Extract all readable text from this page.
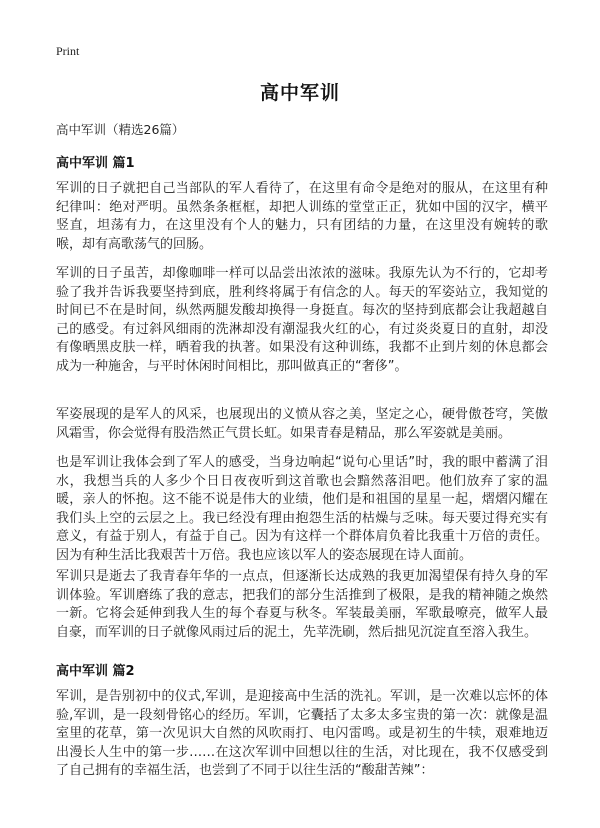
Print
高中军训
高中军训（精选26篇）
高中军训 篇1

军训的日子就把自己当部队的军人看待了，在这里有命令是绝对的服从，在这里有种纪律叫：绝对严明。虽然条条框框，却把人训练的堂堂正正，犹如中国的汉字，横平竖直，坦荡有力，在这里没有个人的魅力，只有团结的力量，在这里没有婉转的歌喉，却有高歌荡气的回肠。

军训的日子虽苦，却像咖啡一样可以品尝出浓浓的滋味。我原先认为不行的，它却考验了我并告诉我要坚持到底，胜利终将属于有信念的人。每天的军姿站立，我知觉的时间已不在是时间，纵然两腿发酸却换得一身挺直。每次的坚持到底都会让我超越自己的感受。有过斜风细雨的洗淋却没有潮湿我火红的心，有过炎炎夏日的直射，却没有像晒黑皮肤一样，晒着我的执著。如果没有这种训练，我都不止到片刻的休息都会成为一种施舍，与平时休闲时间相比，那叫做真正的“奢侈”。

军姿展现的是军人的风采，也展现出的义愤从容之美，坚定之心，硬骨傲苍穹，笑傲风霜雪，你会觉得有股浩然正气贯长虹。如果青春是精品，那么军姿就是美丽。

也是军训让我体会到了军人的感受，当身边响起“说句心里话”时，我的眼中蓄满了泪水，我想当兵的人多少个日日夜夜听到这首歌也会黯然落泪吧。他们放弃了家的温暖，亲人的怀抱。这不能不说是伟大的业绩，他们是和祖国的星星一起，熠熠闪耀在我们头上空的云层之上。我已经没有理由抱怨生活的枯燥与乏味。每天要过得充实有意义，有益于别人，有益于自己。因为有这样一个群体肩负着比我重十万倍的责任。因为有种生活比我艰苦十万倍。我也应该以军人的姿态展现在诗人面前。

军训只是逝去了我青春年华的一点点，但逐渐长达成熟的我更加渴望保有持久身的军训体验。军训磨练了我的意志，把我们的部分生活推到了极限，是我的精神随之焕然一新。它将会延伸到我人生的每个春夏与秋冬。军装最美丽，军歌最嘹亮，做军人最自豪，而军训的日子就像风雨过后的泥土，先苹洗刷，然后拙见沉淀直至溶入我生。

高中军训 篇2

军训，是告别初中的仪式,军训，是迎接高中生活的洗礼。军训，是一次难以忘怀的体验,军训，是一段刻骨铭心的经历。军训，它囊括了太多太多宝贵的第一次：就像是温室里的花草，第一次见识大自然的风吹雨打、电闪雷鸣。或是初生的牛犊，艰难地迈出漫长人生中的第一步……在这次军训中回想以往的生活，对比现在，我不仅感受到了自己拥有的幸福生活，也尝到了不同于以往生活的“酸甜苦辣”：
